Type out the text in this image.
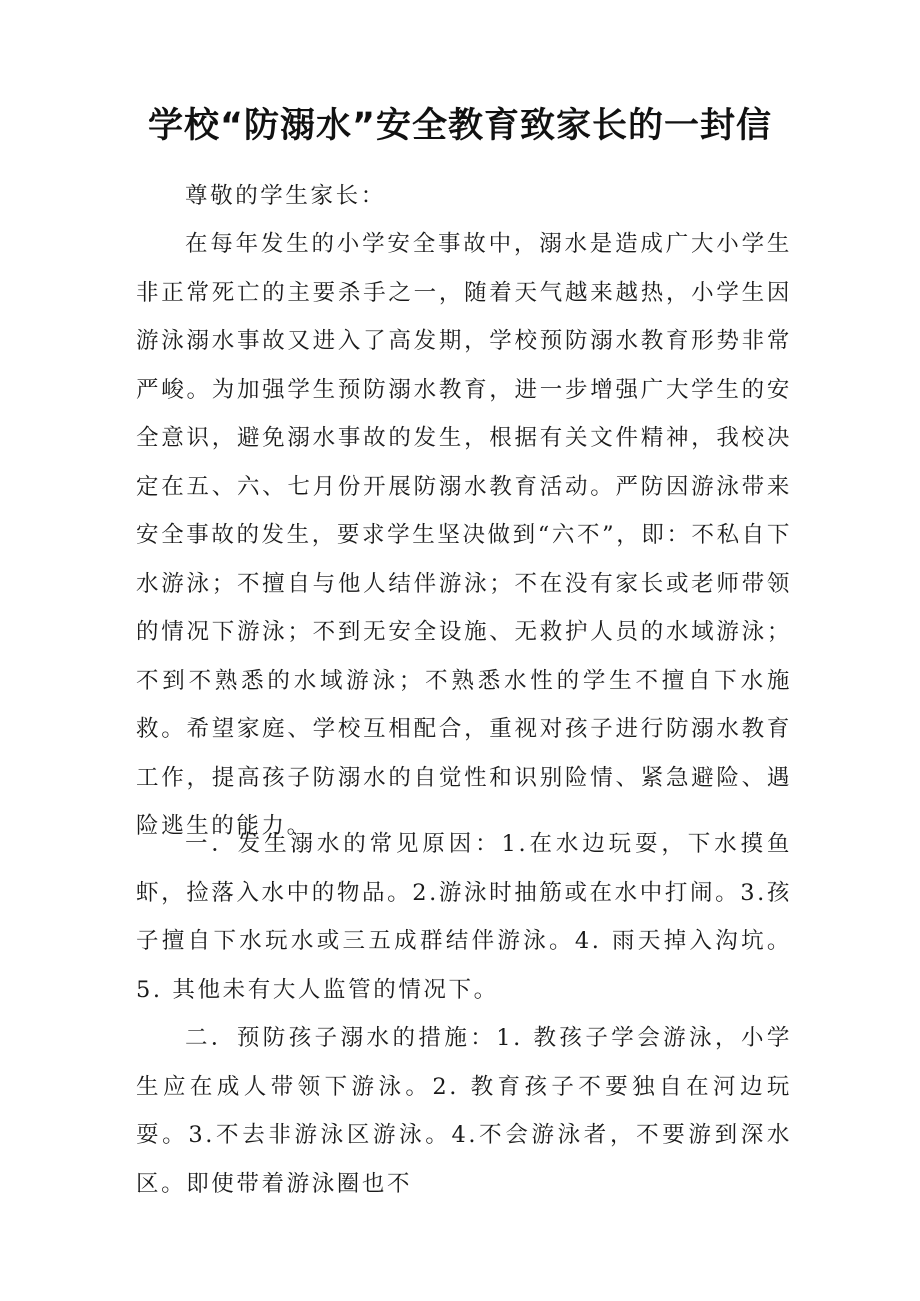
学校“防溺水”安全教育致家长的一封信

尊敬的学生家长：

在每年发生的小学安全事故中，溺水是造成广大小学生非正常死亡的主要杀手之一，随着天气越来越热，小学生因游泳溺水事故又进入了高发期，学校预防溺水教育形势非常严峻。为加强学生预防溺水教育，进一步增强广大学生的安全意识，避免溺水事故的发生，根据有关文件精神，我校决定在五、六、七月份开展防溺水教育活动。严防因游泳带来安全事故的发生，要求学生坚决做到“六不”，即：不私自下水游泳；不擅自与他人结伴游泳；不在没有家长或老师带领的情况下游泳；不到无安全设施、无救护人员的水域游泳；不到不熟悉的水域游泳；不熟悉水性的学生不擅自下水施救。希望家庭、学校互相配合，重视对孩子进行防溺水教育工作，提高孩子防溺水的自觉性和识别险情、紧急避险、遇险逃生的能力。

一．发生溺水的常见原因：1.在水边玩耍，下水摸鱼虾，捡落入水中的物品。2.游泳时抽筋或在水中打闹。3.孩子擅自下水玩水或三五成群结伴游泳。4. 雨天掉入沟坑。5. 其他未有大人监管的情况下。

二．预防孩子溺水的措施：1. 教孩子学会游泳，小学生应在成人带领下游泳。2. 教育孩子不要独自在河边玩耍。3.不去非游泳区游泳。4.不会游泳者，不要游到深水区。即使带着游泳圈也不
